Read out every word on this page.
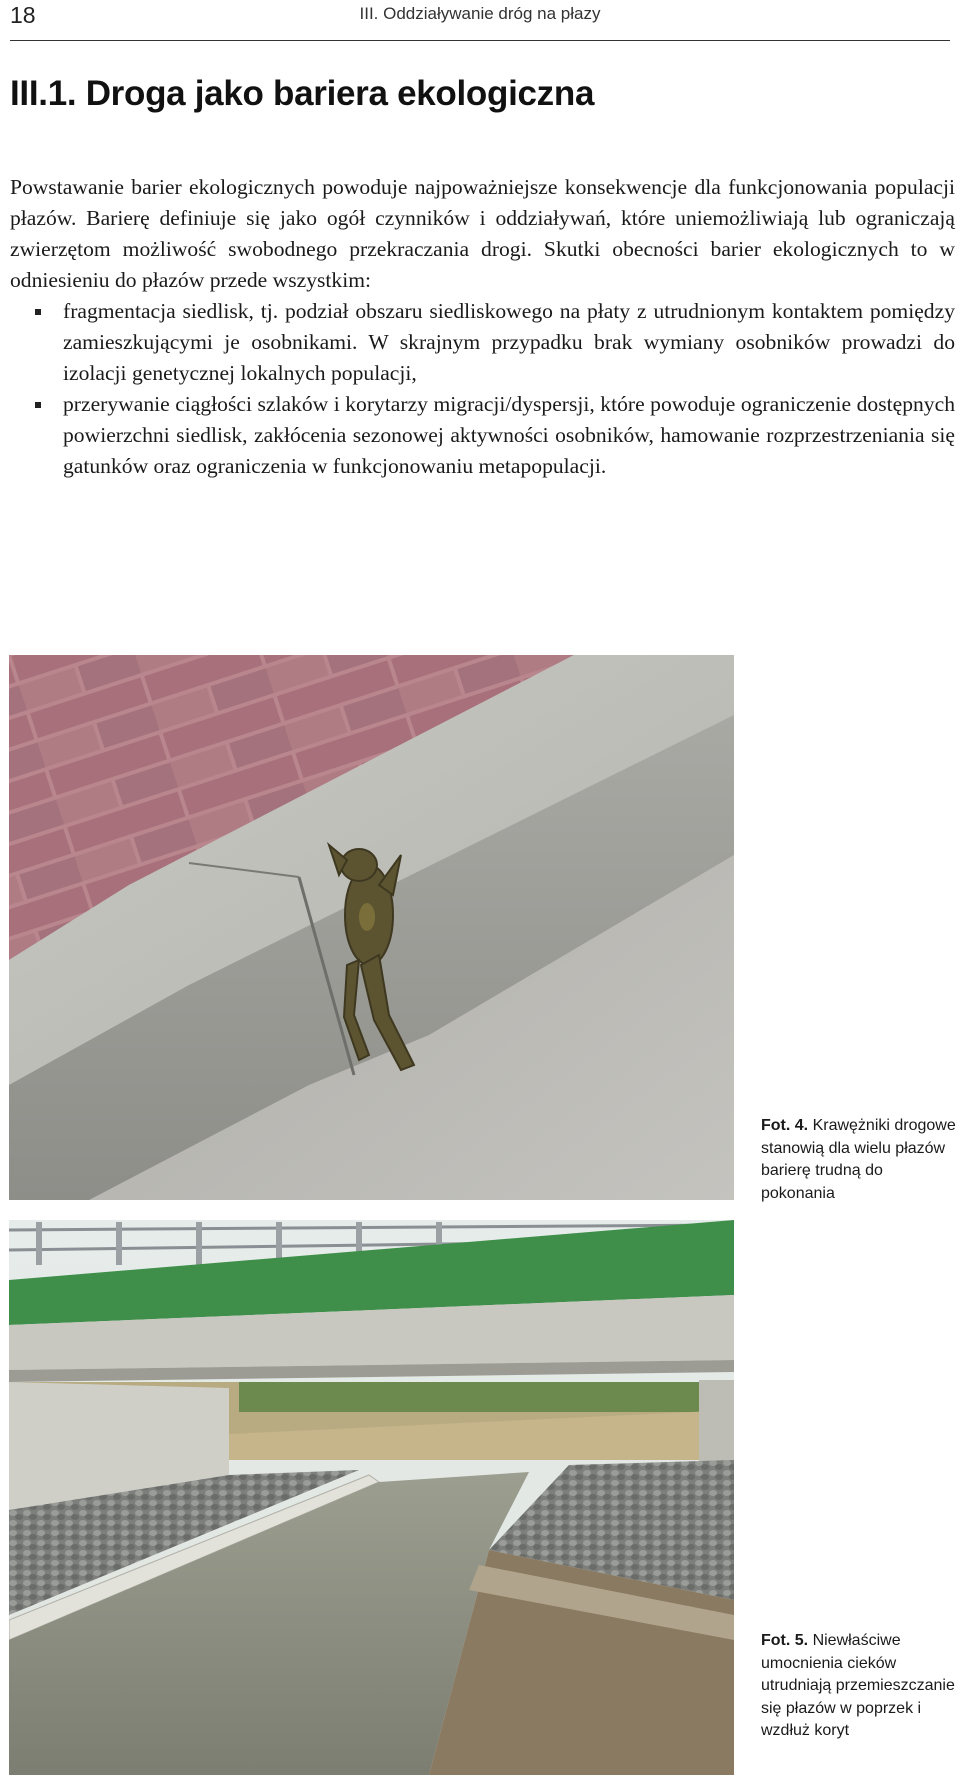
18	III. Oddziaływanie dróg na płazy
III.1. Droga jako bariera ekologiczna

Powstawanie barier ekologicznych powoduje najpoważniejsze konsekwencje dla funkcjonowania populacji płazów. Barierę definiuje się jako ogół czynników i oddziaływań, które uniemożliwiają lub ograniczają zwierzętom możliwość swobodnego przekraczania drogi. Skutki obecności barier ekologicznych to w odniesieniu do płazów przede wszystkim:

fragmentacja siedlisk, tj. podział obszaru siedliskowego na płaty z utrudnionym kontaktem pomiędzy zamieszkującymi je osobnikami. W skrajnym przypadku brak wymiany osobników prowadzi do izolacji genetycznej lokalnych populacji,
przerywanie ciągłości szlaków i korytarzy migracji/dyspersji, które powoduje ograniczenie dostępnych powierzchni siedlisk, zakłócenia sezonowej aktywności osobników, hamowanie rozprzestrzeniania się gatunków oraz ograniczenia w funkcjonowaniu metapopulacji.
Fot. 4. Krawężniki drogowe stanowią dla wielu płazów barierę trudną do pokonania
Fot. 5. Niewłaściwe umocnienia cieków utrudniają przemieszczanie się płazów w poprzek i wzdłuż koryt
